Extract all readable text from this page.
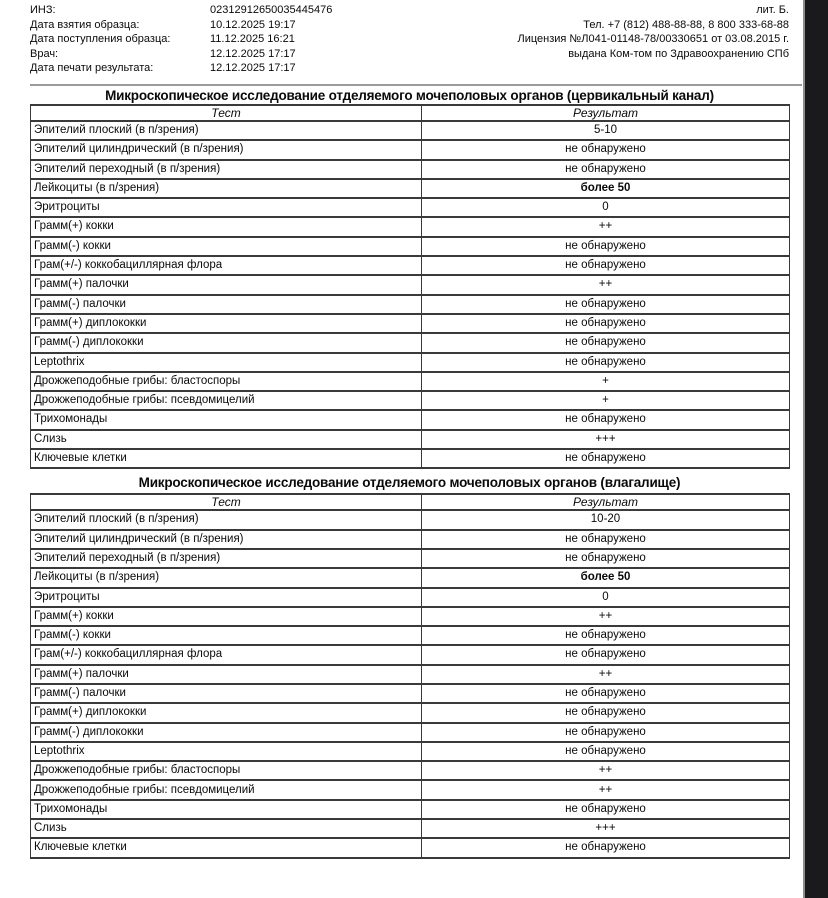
ИНЗ:	02312912650035445476
Дата взятия образца:	10.12.2025 19:17
Дата поступления образца:	11.12.2025 16:21
Врач:	12.12.2025 17:17
Дата печати результата:	12.12.2025 17:17
лит. Б.
Тел. +7 (812) 488-88-88, 8 800 333-68-88
Лицензия №Л041-01148-78/00330651 от 03.08.2015 г.
выдана Ком-том по Здравоохранению СПб
Микроскопическое исследование отделяемого мочеполовых органов (цервикальный канал)
Тест	Результат
Эпителий плоский (в п/зрения)	5-10
Эпителий цилиндрический (в п/зрения)	не обнаружено
Эпителий переходный (в п/зрения)	не обнаружено
Лейкоциты (в п/зрения)	более 50
Эритроциты	0
Грамм(+) кокки	++
Грамм(-) кокки	не обнаружено
Грам(+/-) коккобациллярная флора	не обнаружено
Грамм(+) палочки	++
Грамм(-) палочки	не обнаружено
Грамм(+) диплококки	не обнаружено
Грамм(-) диплококки	не обнаружено
Leptothrix	не обнаружено
Дрожжеподобные грибы: бластоспоры	+
Дрожжеподобные грибы: псевдомицелий	+
Трихомонады	не обнаружено
Слизь	+++
Ключевые клетки	не обнаружено
Микроскопическое исследование отделяемого мочеполовых органов (влагалище)
Тест	Результат
Эпителий плоский (в п/зрения)	10-20
Эпителий цилиндрический (в п/зрения)	не обнаружено
Эпителий переходный (в п/зрения)	не обнаружено
Лейкоциты (в п/зрения)	более 50
Эритроциты	0
Грамм(+) кокки	++
Грамм(-) кокки	не обнаружено
Грам(+/-) коккобациллярная флора	не обнаружено
Грамм(+) палочки	++
Грамм(-) палочки	не обнаружено
Грамм(+) диплококки	не обнаружено
Грамм(-) диплококки	не обнаружено
Leptothrix	не обнаружено
Дрожжеподобные грибы: бластоспоры	++
Дрожжеподобные грибы: псевдомицелий	++
Трихомонады	не обнаружено
Слизь	+++
Ключевые клетки	не обнаружено
